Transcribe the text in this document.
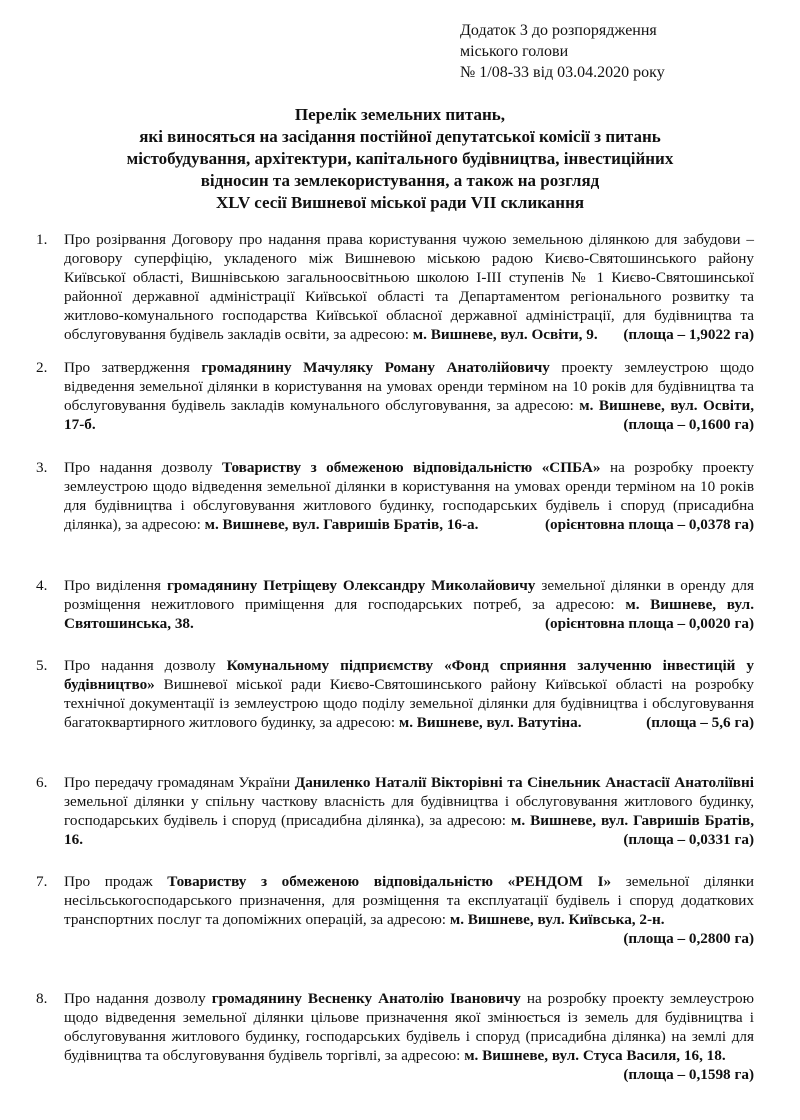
Додаток 3 до розпорядження
міського голови
№ 1/08-33 від 03.04.2020 року
Перелік земельних питань,
які виносяться на засідання постійної депутатської комісії з питань
містобудування, архітектури, капітального будівництва, інвестиційних
відносин та землекористування, а також на розгляд
XLV сесії Вишневої міської ради VII скликання
1.	Про розірвання Договору про надання права користування чужою земельною ділянкою для забудови – договору суперфіцію, укладеного між Вишневою міською радою Києво-Святошинського району Київської області, Вишнівською загальноосвітньою школою І-ІІІ ступенів № 1 Києво-Святошинської районної державної адміністрації Київської області та Департаментом регіонального розвитку та житлово-комунального господарства Київської обласної державної адміністрації, для будівництва та обслуговування будівель закладів освіти, за адресою: м. Вишневе, вул. Освіти, 9. (площа – 1,9022 га)
2.	Про затвердження громадянину Мачуляку Роману Анатолійовичу проекту землеустрою щодо відведення земельної ділянки в користування на умовах оренди терміном на 10 років для будівництва та обслуговування будівель закладів комунального обслуговування, за адресою: м. Вишневе, вул. Освіти, 17-б.	(площа – 0,1600 га)
3.	Про надання дозволу Товариству з обмеженою відповідальністю «СПБА» на розробку проекту землеустрою щодо відведення земельної ділянки в користування на умовах оренди терміном на 10 років для будівництва і обслуговування житлового будинку, господарських будівель і споруд (присадибна ділянка), за адресою: м. Вишневе, вул. Гавришів Братів, 16-а.	(орієнтовна площа – 0,0378 га)
4.	Про виділення громадянину Петріщеву Олександру Миколайовичу земельної ділянки в оренду для розміщення нежитлового приміщення для господарських потреб, за адресою: м. Вишневе, вул. Святошинська, 38.	(орієнтовна площа – 0,0020 га)
5.	Про надання дозволу Комунальному підприємству «Фонд сприяння залученню інвестицій у будівництво» Вишневої міської ради Києво-Святошинського району Київської області на розробку технічної документації із землеустрою щодо поділу земельної ділянки для будівництва і обслуговування багатоквартирного житлового будинку, за адресою: м. Вишневе, вул. Ватутіна.	(площа – 5,6 га)
6.	Про передачу громадянам України Даниленко Наталії Вікторівні та Сінельник Анастасії Анатоліївні земельної ділянки у спільну часткову власність для будівництва і обслуговування житлового будинку, господарських будівель і споруд (присадибна ділянка), за адресою: м. Вишневе, вул. Гавришів Братів, 16.	(площа – 0,0331 га)
7.	Про продаж Товариству з обмеженою відповідальністю «РЕНДОМ І» земельної ділянки несільськогосподарського призначення, для розміщення та експлуатації будівель і споруд додаткових транспортних послуг та допоміжних операцій, за адресою: м. Вишневе, вул. Київська, 2-н.
(площа – 0,2800 га)
8.	Про надання дозволу громадянину Весненку Анатолію Івановичу на розробку проекту землеустрою щодо відведення земельної ділянки цільове призначення якої змінюється із земель для будівництва і обслуговування житлового будинку, господарських будівель і споруд (присадибна ділянка) на землі для будівництва та обслуговування будівель торгівлі, за адресою: м. Вишневе, вул. Стуса Василя, 16, 18.
(площа – 0,1598 га)
